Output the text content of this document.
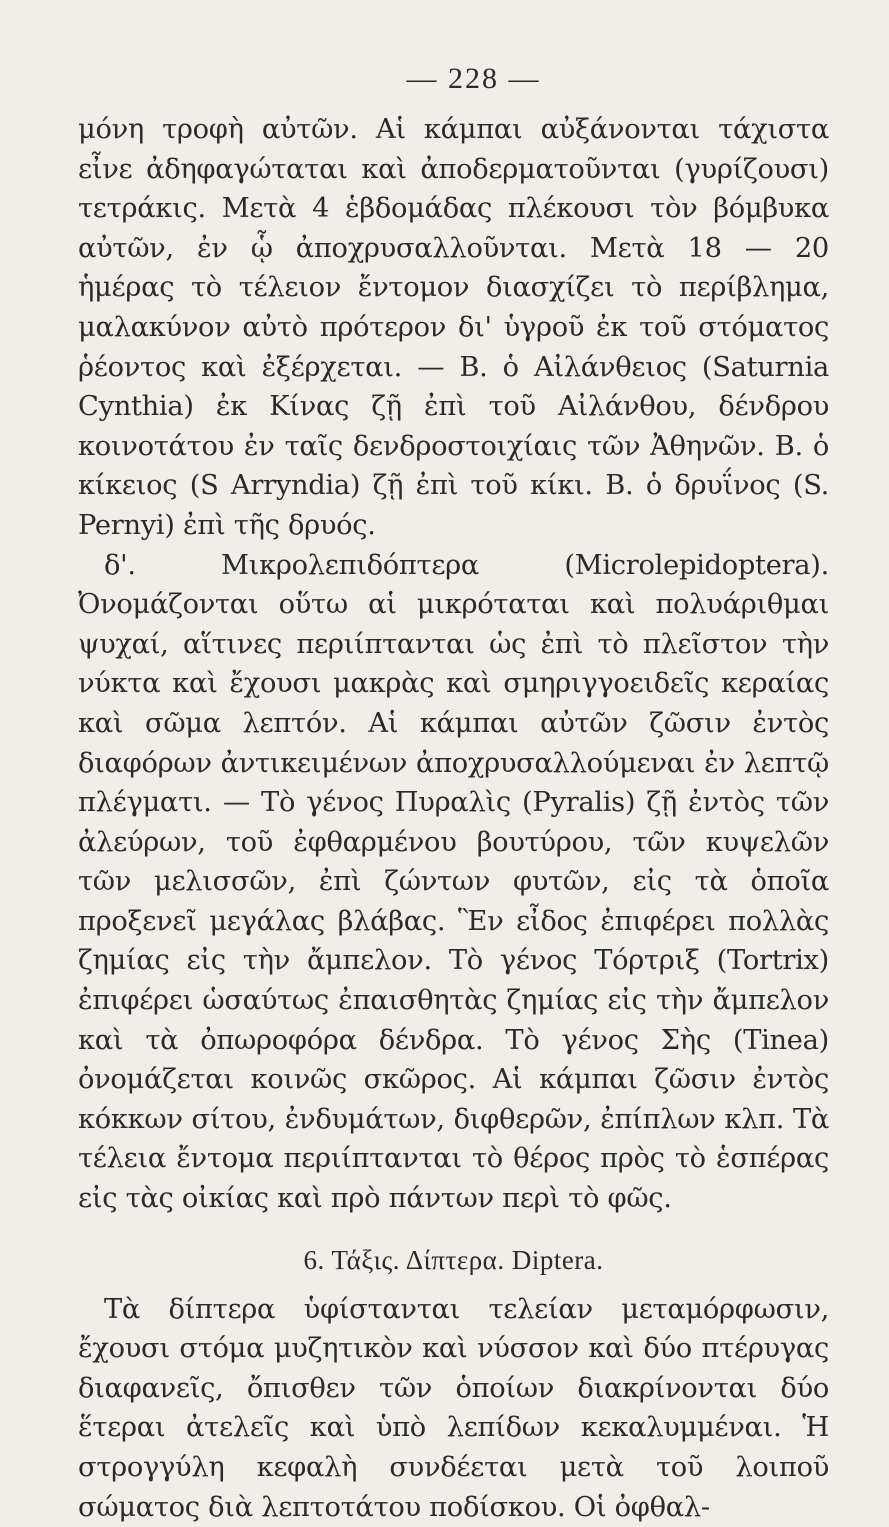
— 228 —

μόνη τροφὴ αὐτῶν. Αἱ κάμπαι αὐξάνονται τάχιστα εἶνε ἀδηφαγώταται καὶ ἀποδερματοῦνται (γυρίζουσι) τετράκις. Μετὰ 4 ἑβδομάδας πλέκουσι τὸν βόμβυκα αὐτῶν, ἐν ᾧ ἀποχρυσαλλοῦνται. Μετὰ 18 — 20 ἡμέρας τὸ τέλειον ἔντομον διασχίζει τὸ περίβλημα, μαλακύνον αὐτὸ πρότερον δι' ὑγροῦ ἐκ τοῦ στόματος ῥέοντος καὶ ἐξέρχεται. — Β. ὁ Αἰλάνθειος (Saturnia Cynthia) ἐκ Κίνας ζῇ ἐπὶ τοῦ Αἰλάνθου, δένδρου κοινοτάτου ἐν ταῖς δενδροστοιχίαις τῶν Ἀθηνῶν. Β. ὁ κίκειος (S Arryndia) ζῇ ἐπὶ τοῦ κίκι. Β. ὁ δρυΐνος (S. Pernyi) ἐπὶ τῆς δρυός.

δ'. Μικρολεπιδόπτερα (Microlepidoptera). Ὀνομάζονται οὕτω αἱ μικρόταται καὶ πολυάριθμαι ψυχαί, αἵτινες περιίπτανται ὡς ἐπὶ τὸ πλεῖστον τὴν νύκτα καὶ ἔχουσι μακρὰς καὶ σμηριγγοειδεῖς κεραίας καὶ σῶμα λεπτόν. Αἱ κάμπαι αὐτῶν ζῶσιν ἐντὸς διαφόρων ἀντικειμένων ἀποχρυσαλλούμεναι ἐν λεπτῷ πλέγματι. — Τὸ γένος Πυραλὶς (Pyralis) ζῇ ἐντὸς τῶν ἀλεύρων, τοῦ ἐφθαρμένου βουτύρου, τῶν κυψελῶν τῶν μελισσῶν, ἐπὶ ζώντων φυτῶν, εἰς τὰ ὁποῖα προξενεῖ μεγάλας βλάβας. Ἓν εἶδος ἐπιφέρει πολλὰς ζημίας εἰς τὴν ἄμπελον. Τὸ γένος Τόρτριξ (Tortrix) ἐπιφέρει ὡσαύτως ἐπαισθητὰς ζημίας εἰς τὴν ἄμπελον καὶ τὰ ὀπωροφόρα δένδρα. Τὸ γένος Σὴς (Tinea) ὀνομάζεται κοινῶς σκῶρος. Αἱ κάμπαι ζῶσιν ἐντὸς κόκκων σίτου, ἐνδυμάτων, διφθερῶν, ἐπίπλων κλπ. Τὰ τέλεια ἔντομα περιίπτανται τὸ θέρος πρὸς τὸ ἑσπέρας εἰς τὰς οἰκίας καὶ πρὸ πάντων περὶ τὸ φῶς.

6. Τάξις. Δίπτερα. Diptera.

Τὰ δίπτερα ὑφίστανται τελείαν μεταμόρφωσιν, ἔχουσι στόμα μυζητικὸν καὶ νύσσον καὶ δύο πτέρυγας διαφανεῖς, ὄπισθεν τῶν ὁποίων διακρίνονται δύο ἕτεραι ἀτελεῖς καὶ ὑπὸ λεπίδων κεκαλυμμέναι. Ἡ στρογγύλη κεφαλὴ συνδέεται μετὰ τοῦ λοιποῦ σώματος διὰ λεπτοτάτου ποδίσκου. Οἱ ὀφθαλ-
